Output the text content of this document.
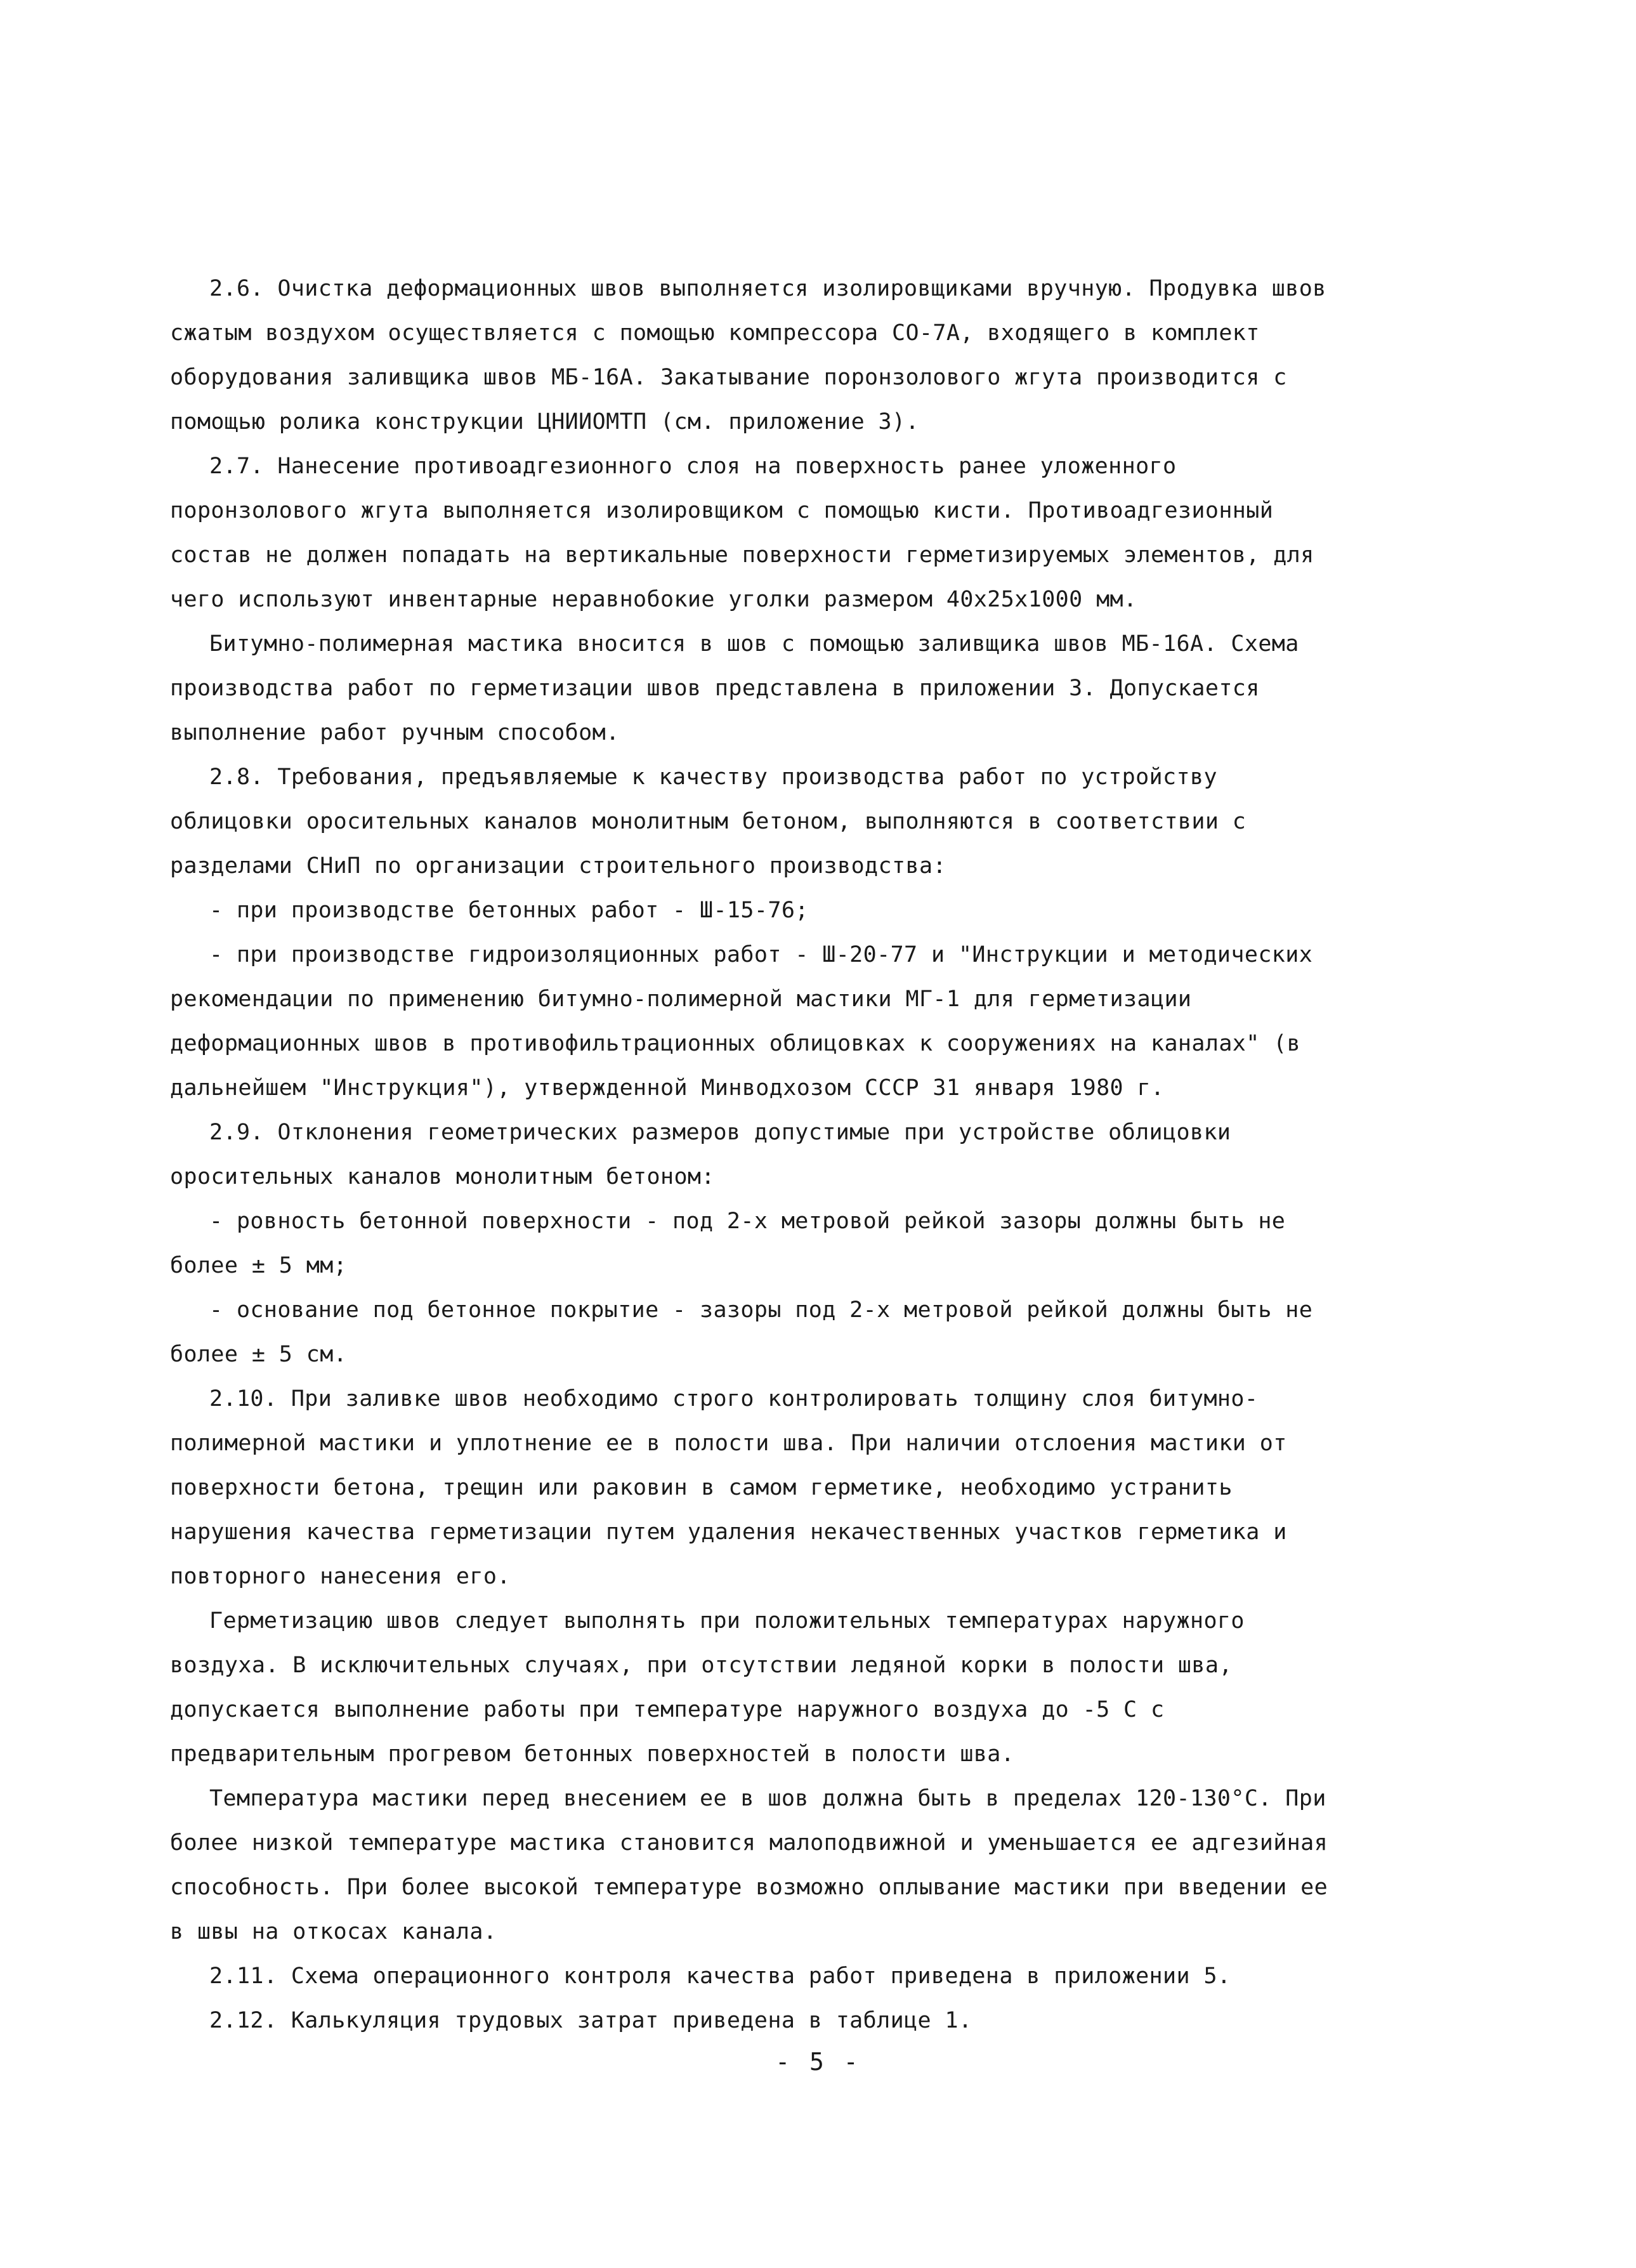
2.6. Очистка деформационных швов выполняется изолировщиками вручную. Продувка швов сжатым воздухом осуществляется с помощью компрессора СО-7А, входящего в комплект оборудования заливщика швов МБ-16А. Закатывание поронзолового жгута производится с помощью ролика конструкции ЦНИИОМТП (см. приложение 3).

2.7. Нанесение противоадгезионного слоя на поверхность ранее уложенного поронзолового жгута выполняется изолировщиком с помощью кисти. Противоадгезионный состав не должен попадать на вертикальные поверхности герметизируемых элементов, для чего используют инвентарные неравнобокие уголки размером 40х25х1000 мм.

Битумно-полимерная мастика вносится в шов с помощью заливщика швов МБ-16А. Схема производства работ по герметизации швов представлена в приложении 3. Допускается выполнение работ ручным способом.

2.8. Требования, предъявляемые к качеству производства работ по устройству облицовки оросительных каналов монолитным бетоном, выполняются в соответствии с разделами СНиП по организации строительного производства:

- при производстве бетонных работ - Ш-15-76;

- при производстве гидроизоляционных работ - Ш-20-77 и "Инструкции и методических рекомендации по применению битумно-полимерной мастики МГ-1 для герметизации деформационных швов в противофильтрационных облицовках к сооружениях на каналах" (в дальнейшем "Инструкция"), утвержденной Минводхозом СССР 31 января 1980 г.

2.9. Отклонения геометрических размеров допустимые при устройстве облицовки оросительных каналов монолитным бетоном:

- ровность бетонной поверхности - под 2-х метровой рейкой зазоры должны быть не более ± 5 мм;

- основание под бетонное покрытие - зазоры под 2-х метровой рейкой должны быть не более ± 5 см.

2.10. При заливке швов необходимо строго контролировать толщину слоя битумно-полимерной мастики и уплотнение ее в полости шва. При наличии отслоения мастики от поверхности бетона, трещин или раковин в самом герметике, необходимо устранить нарушения качества герметизации путем удаления некачественных участков герметика и повторного нанесения его.

Герметизацию швов следует выполнять при положительных температурах наружного воздуха. В исключительных случаях, при отсутствии ледяной корки в полости шва, допускается выполнение работы при температуре наружного воздуха до -5 С с предварительным прогревом бетонных поверхностей в полости шва.

Температура мастики перед внесением ее в шов должна быть в пределах 120-130°С. При более низкой температуре мастика становится малоподвижной и уменьшается ее адгезийная способность. При более высокой температуре возможно оплывание мастики при введении ее в швы на откосах канала.

2.11. Схема операционного контроля качества работ приведена в приложении 5.

2.12. Калькуляция трудовых затрат приведена в таблице 1.

- 5 -
